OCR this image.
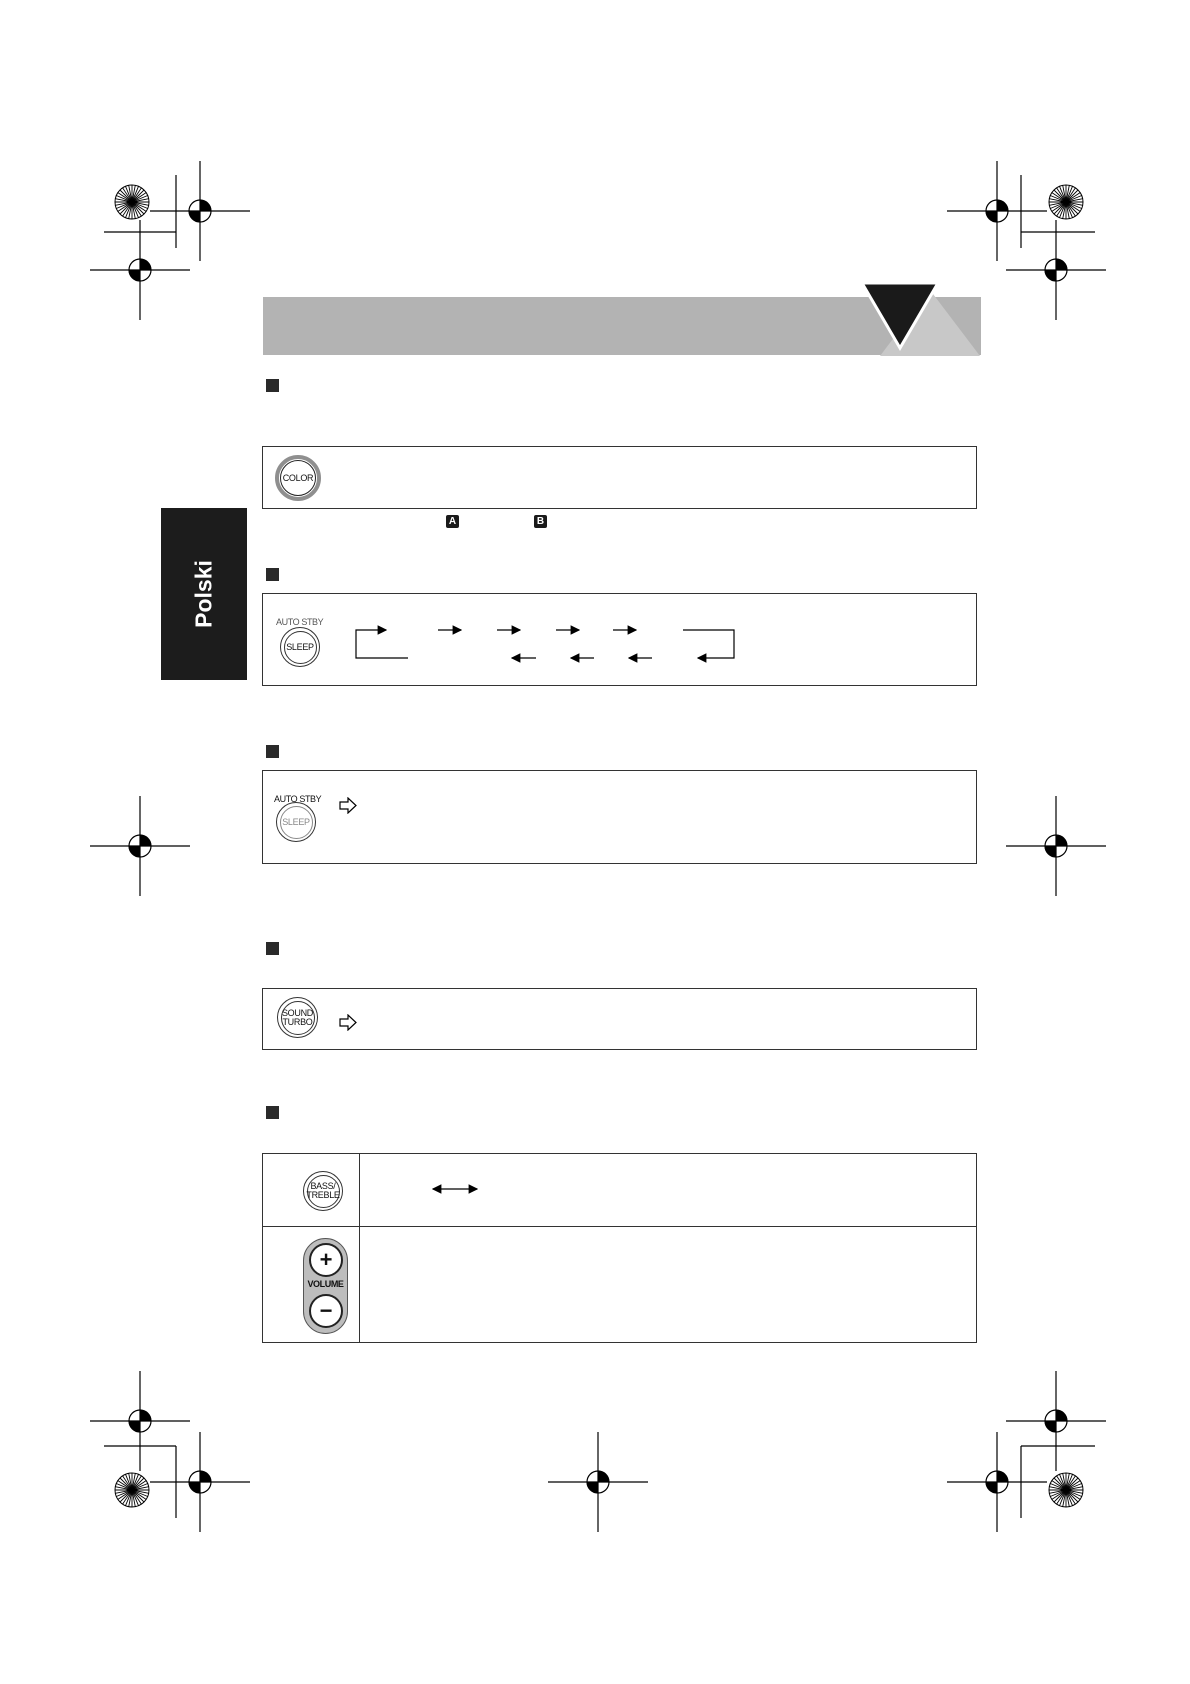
Polski
COLOR
A	B
AUTO STBY
SLEEP
AUTO STBY
SLEEP
SOUND
TURBO
BASS/
TREBLE
+
VOLUME
−
